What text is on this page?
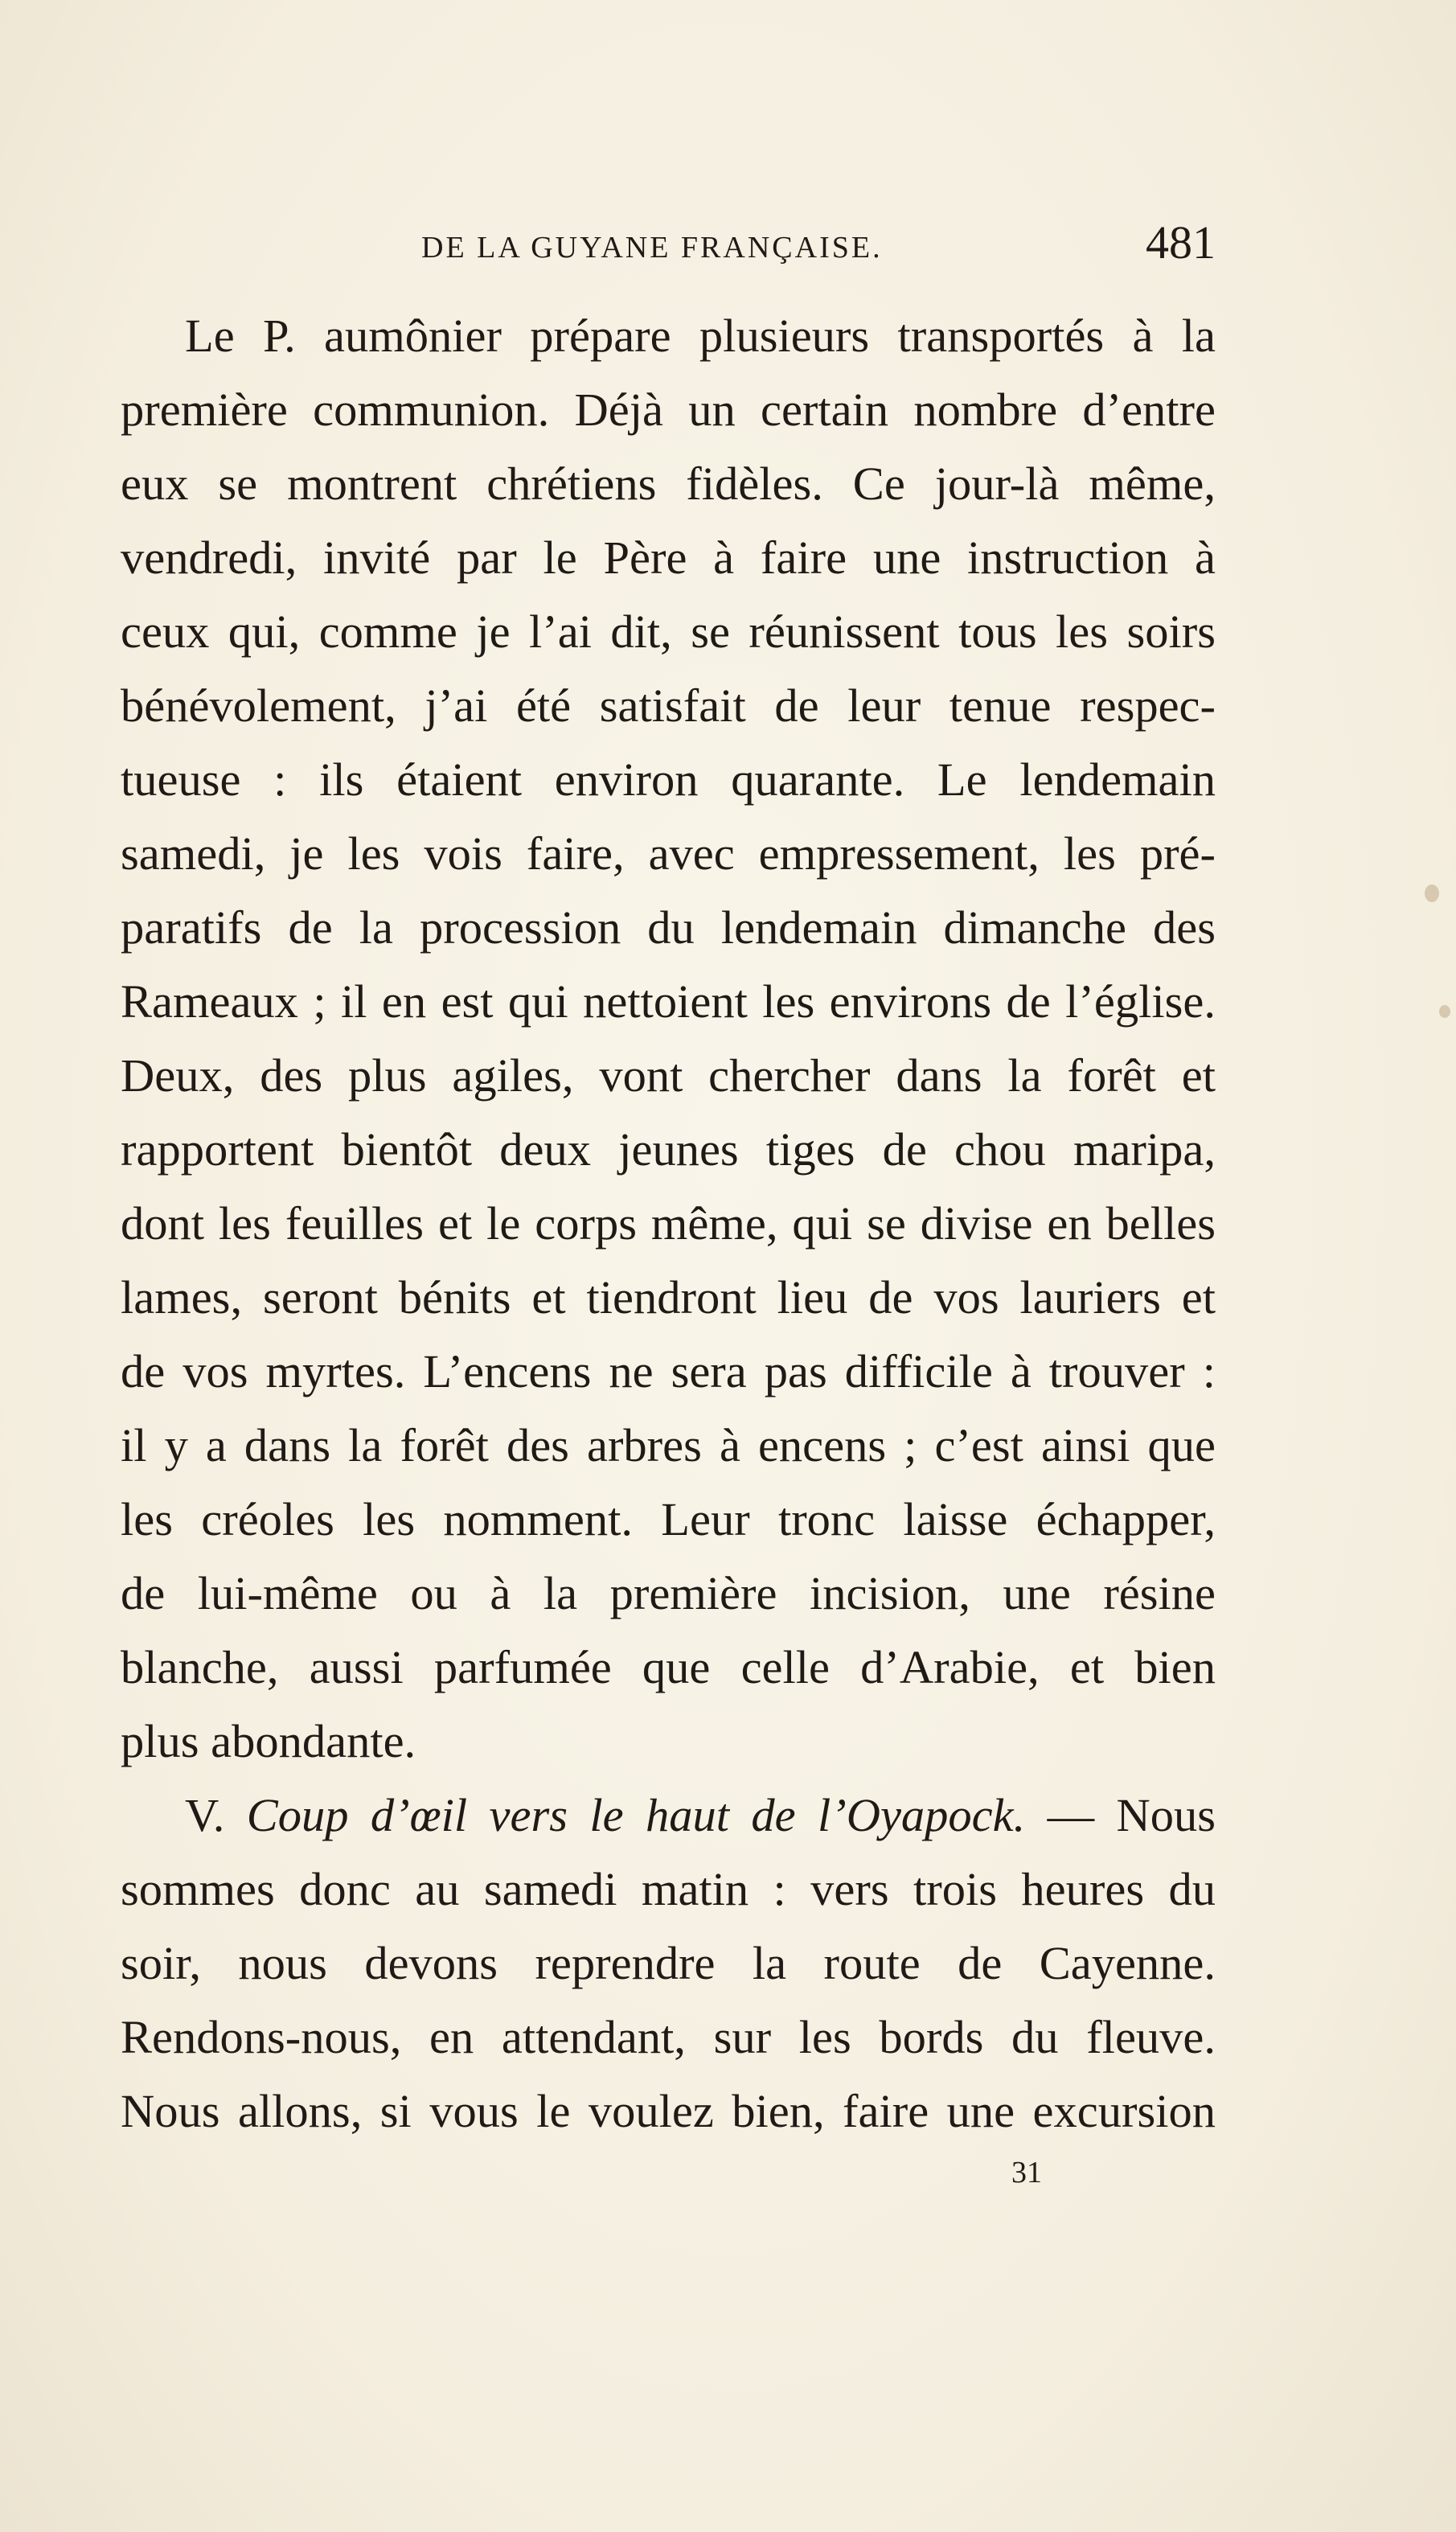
DE LA GUYANE FRANÇAISE.	481
Le P. aumônier prépare plusieurs transportés à la
première communion. Déjà un certain nombre d’entre
eux se montrent chrétiens fidèles. Ce jour-là même,
vendredi, invité par le Père à faire une instruction à
ceux qui, comme je l’ai dit, se réunissent tous les soirs
bénévolement, j’ai été satisfait de leur tenue respec-
tueuse : ils étaient environ quarante. Le lendemain
samedi, je les vois faire, avec empressement, les pré-
paratifs de la procession du lendemain dimanche des
Rameaux ; il en est qui nettoient les environs de l’église.
Deux, des plus agiles, vont chercher dans la forêt et
rapportent bientôt deux jeunes tiges de chou maripa,
dont les feuilles et le corps même, qui se divise en belles
lames, seront bénits et tiendront lieu de vos lauriers et
de vos myrtes. L’encens ne sera pas difficile à trouver :
il y a dans la forêt des arbres à encens ; c’est ainsi que
les créoles les nomment. Leur tronc laisse échapper,
de lui-même ou à la première incision, une résine
blanche, aussi parfumée que celle d’Arabie, et bien
plus abondante.
V. Coup d’œil vers le haut de l’Oyapock. — Nous
sommes donc au samedi matin : vers trois heures du
soir, nous devons reprendre la route de Cayenne.
Rendons-nous, en attendant, sur les bords du fleuve.
Nous allons, si vous le voulez bien, faire une excursion
31
